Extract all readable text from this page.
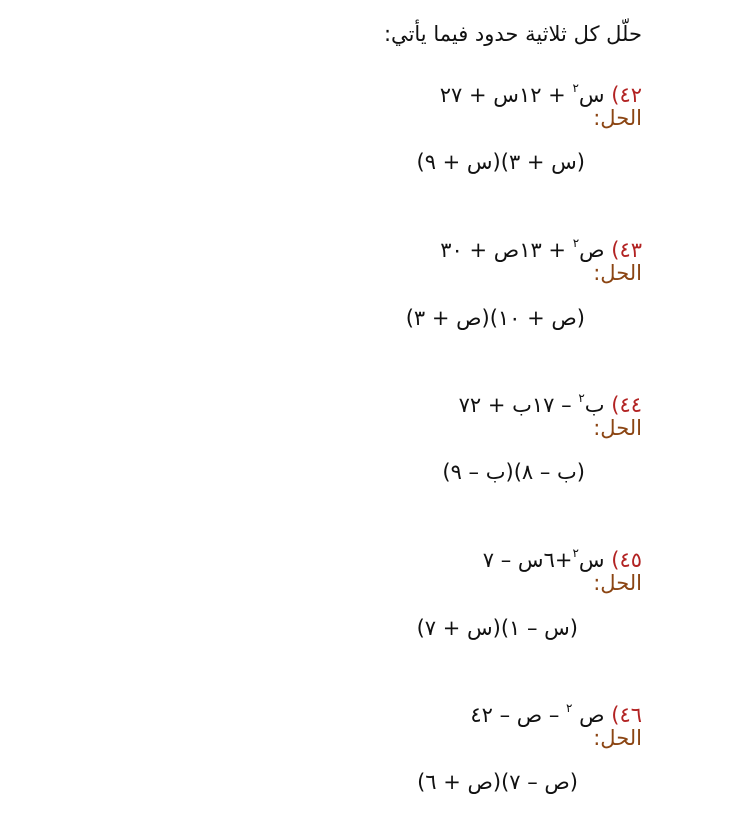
حلّل كل ثلاثية حدود فيما يأتي:
٤٢) س$^٢$ + ١٢س + ٢٧
الحل:
(س + ٣)(س + ٩)
٤٣) ص$^٢$ + ١٣ص + ٣٠
الحل:
(ص + ١٠)(ص + ٣)
٤٤) ب$^٢$ – ١٧ب + ٧٢
الحل:
(ب – ٨)(ب – ٩)
٤٥) س$^٢$+٦س – ٧
الحل:
(س – ١)(س + ٧)
٤٦) ص $^٢$ – ص – ٤٢
الحل:
(ص – ٧)(ص + ٦)
